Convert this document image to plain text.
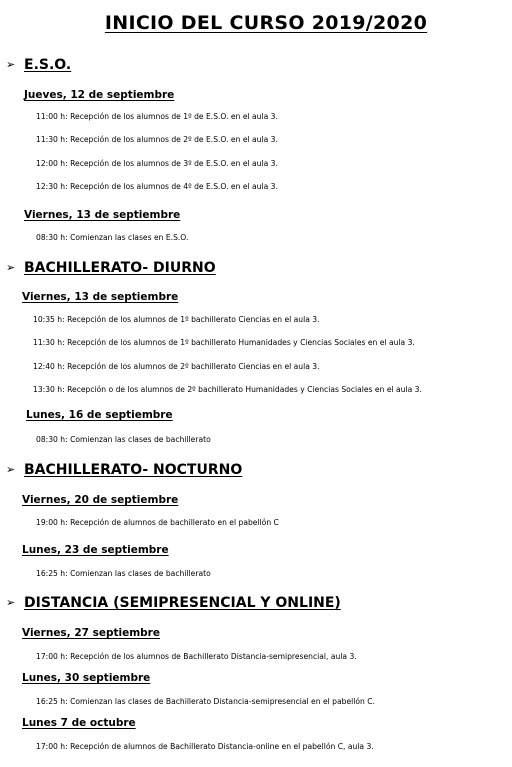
INICIO DEL CURSO 2019/2020
➢ E.S.O.
Jueves, 12 de septiembre
11:00 h: Recepción de los alumnos de 1º de E.S.O. en el aula 3.
11:30 h: Recepción de los alumnos de 2º de E.S.O. en el aula 3.
12:00 h: Recepción de los alumnos de 3º de E.S.O. en el aula 3.
12:30 h: Recepción de los alumnos de 4º de E.S.O. en el aula 3.
Viernes, 13 de septiembre
08:30 h: Comienzan las clases en E.S.O.
➢ BACHILLERATO- DIURNO
Viernes, 13 de septiembre
10:35 h: Recepción de los alumnos de 1º bachillerato Ciencias en el aula 3.
11:30 h: Recepción de los alumnos de 1º bachillerato Humanidades y Ciencias Sociales en el aula 3.
12:40 h: Recepción de los alumnos de 2º bachillerato Ciencias en el aula 3.
13:30 h: Recepción o de los alumnos de 2º bachillerato Humanidades y Ciencias Sociales en el aula 3.
Lunes, 16 de septiembre
08:30 h: Comienzan las clases de bachillerato
➢ BACHILLERATO- NOCTURNO
Viernes, 20 de septiembre
19:00 h: Recepción de alumnos de bachillerato en el pabellón C
Lunes, 23 de septiembre
16:25 h: Comienzan las clases de bachillerato
➢ DISTANCIA (SEMIPRESENCIAL Y ONLINE)
Viernes, 27 septiembre
17:00 h: Recepción de los alumnos de Bachillerato Distancia-semipresencial, aula 3.
Lunes, 30 septiembre
16:25 h: Comienzan las clases de Bachillerato Distancia-semipresencial en el pabellón C.
Lunes 7 de octubre
17:00 h: Recepción de alumnos de Bachillerato Distancia-online en el pabellón C, aula 3.
